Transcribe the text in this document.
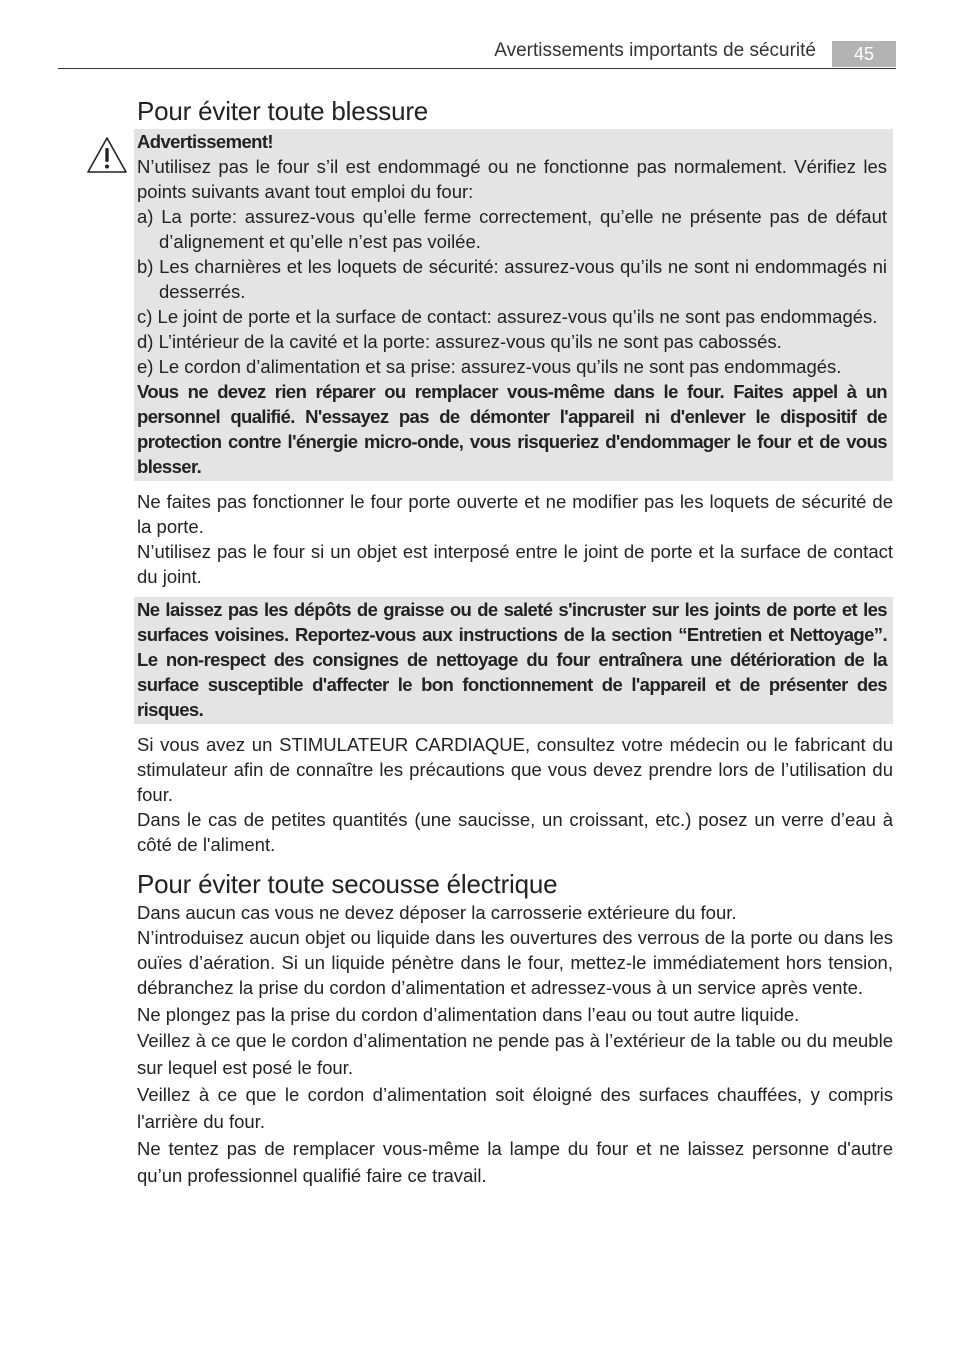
Avertissements importants de sécurité	45
Pour éviter toute blessure

Advertissement!

N’utilisez pas le four s’il est endommagé ou ne fonctionne pas normalement. Vérifiez les points suivants avant tout emploi du four:

a) La porte: assurez-vous qu’elle ferme correctement, qu’elle ne présente pas de défaut d’alignement et qu’elle n’est pas voilée.

b) Les charnières et les loquets de sécurité: assurez-vous qu’ils ne sont ni endommagés ni desserrés.

c) Le joint de porte et la surface de contact: assurez-vous qu’ils ne sont pas endommagés.

d) L’intérieur de la cavité et la porte: assurez-vous qu’ils ne sont pas cabossés.

e) Le cordon d’alimentation et sa prise: assurez-vous qu’ils ne sont pas endommagés.

Vous ne devez rien réparer ou remplacer vous-même dans le four. Faites appel à un personnel qualifié. N'essayez pas de démonter l'appareil ni d'enlever le dispositif de protection contre l'énergie micro-onde, vous risqueriez d'endommager le four et de vous blesser.

Ne faites pas fonctionner le four porte ouverte et ne modifier pas les loquets de sécurité de la porte.

N’utilisez pas le four si un objet est interposé entre le joint de porte et la surface de contact du joint.

Ne laissez pas les dépôts de graisse ou de saleté s'incruster sur les joints de porte et les surfaces voisines. Reportez-vous aux instructions de la section “Entretien et Nettoyage”. Le non-respect des consignes de nettoyage du four entraînera une détérioration de la surface susceptible d'affecter le bon fonctionnement de l'appareil et de présenter des risques.

Si vous avez un STIMULATEUR CARDIAQUE, consultez votre médecin ou le fabricant du stimulateur afin de connaître les précautions que vous devez prendre lors de l’utilisation du four.

Dans le cas de petites quantités (une saucisse, un croissant, etc.) posez un verre d’eau à côté de l'aliment.

Pour éviter toute secousse électrique

Dans aucun cas vous ne devez déposer la carrosserie extérieure du four.

N’introduisez aucun objet ou liquide dans les ouvertures des verrous de la porte ou dans les ouïes d’aération. Si un liquide pénètre dans le four, mettez-le immédiatement hors tension, débranchez la prise du cordon d’alimentation et adressez-vous à un service après vente.

Ne plongez pas la prise du cordon d’alimentation dans l’eau ou tout autre liquide.

Veillez à ce que le cordon d’alimentation ne pende pas à l’extérieur de la table ou du meuble sur lequel est posé le four.

Veillez à ce que le cordon d’alimentation soit éloigné des surfaces chauffées, y compris l'arrière du four.

Ne tentez pas de remplacer vous-même la lampe du four et ne laissez personne d'autre qu’un professionnel qualifié faire ce travail.
